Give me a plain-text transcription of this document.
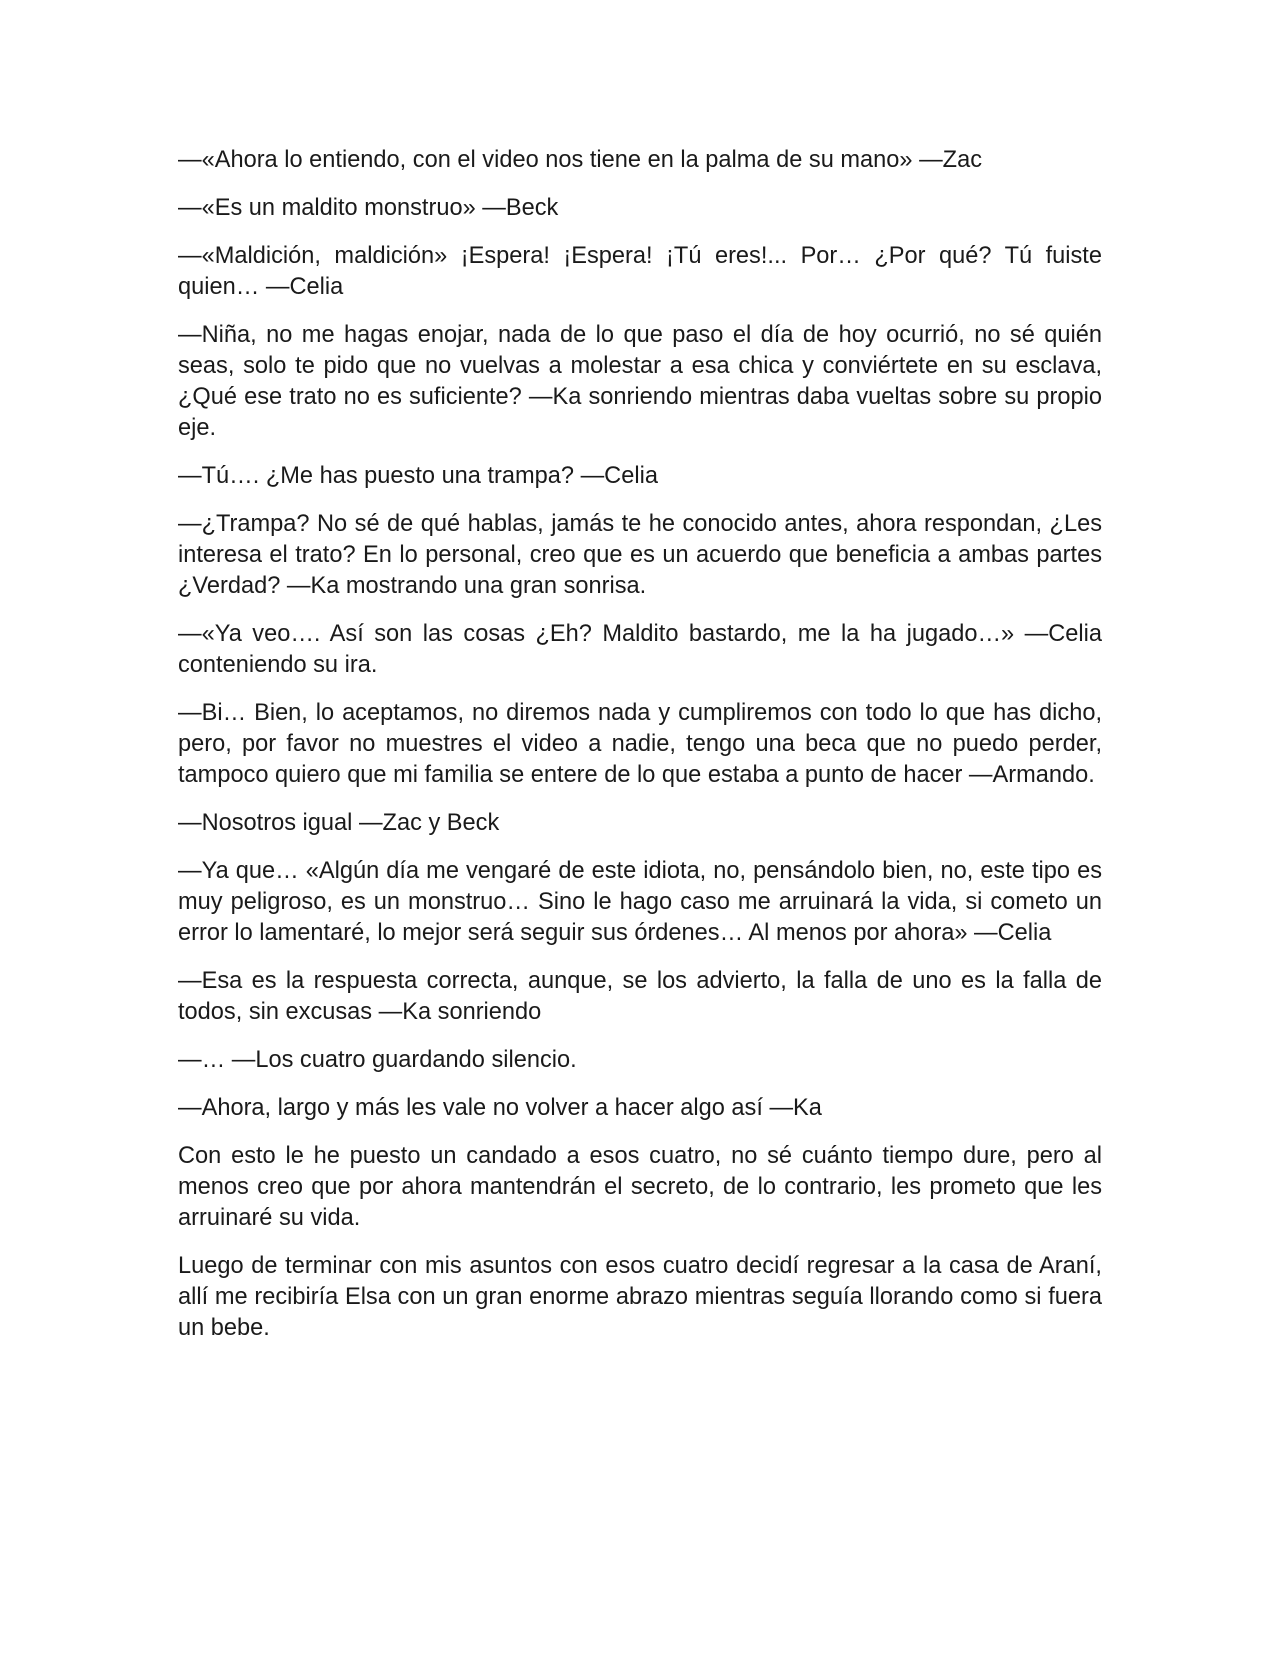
—«Ahora lo entiendo, con el video nos tiene en la palma de su mano» —Zac

—«Es un maldito monstruo» —Beck

—«Maldición, maldición» ¡Espera! ¡Espera! ¡Tú eres!... Por… ¿Por qué? Tú fuiste quien… —Celia

—Niña, no me hagas enojar, nada de lo que paso el día de hoy ocurrió, no sé quién seas, solo te pido que no vuelvas a molestar a esa chica y conviértete en su esclava, ¿Qué ese trato no es suficiente? —Ka sonriendo mientras daba vueltas sobre su propio eje.

—Tú…. ¿Me has puesto una trampa? —Celia

—¿Trampa? No sé de qué hablas, jamás te he conocido antes, ahora respondan, ¿Les interesa el trato? En lo personal, creo que es un acuerdo que beneficia a ambas partes ¿Verdad? —Ka mostrando una gran sonrisa.

—«Ya veo…. Así son las cosas ¿Eh? Maldito bastardo, me la ha jugado…» —Celia conteniendo su ira.

—Bi… Bien, lo aceptamos, no diremos nada y cumpliremos con todo lo que has dicho, pero, por favor no muestres el video a nadie, tengo una beca que no puedo perder, tampoco quiero que mi familia se entere de lo que estaba a punto de hacer —Armando.

—Nosotros igual —Zac y Beck

—Ya que… «Algún día me vengaré de este idiota, no, pensándolo bien, no, este tipo es muy peligroso, es un monstruo… Sino le hago caso me arruinará la vida, si cometo un error lo lamentaré, lo mejor será seguir sus órdenes… Al menos por ahora» —Celia

—Esa es la respuesta correcta, aunque, se los advierto, la falla de uno es la falla de todos, sin excusas —Ka sonriendo

—… —Los cuatro guardando silencio.

—Ahora, largo y más les vale no volver a hacer algo así —Ka

Con esto le he puesto un candado a esos cuatro, no sé cuánto tiempo dure, pero al menos creo que por ahora mantendrán el secreto, de lo contrario, les prometo que les arruinaré su vida.

Luego de terminar con mis asuntos con esos cuatro decidí regresar a la casa de Araní, allí me recibiría Elsa con un gran enorme abrazo mientras seguía llorando como si fuera un bebe.
